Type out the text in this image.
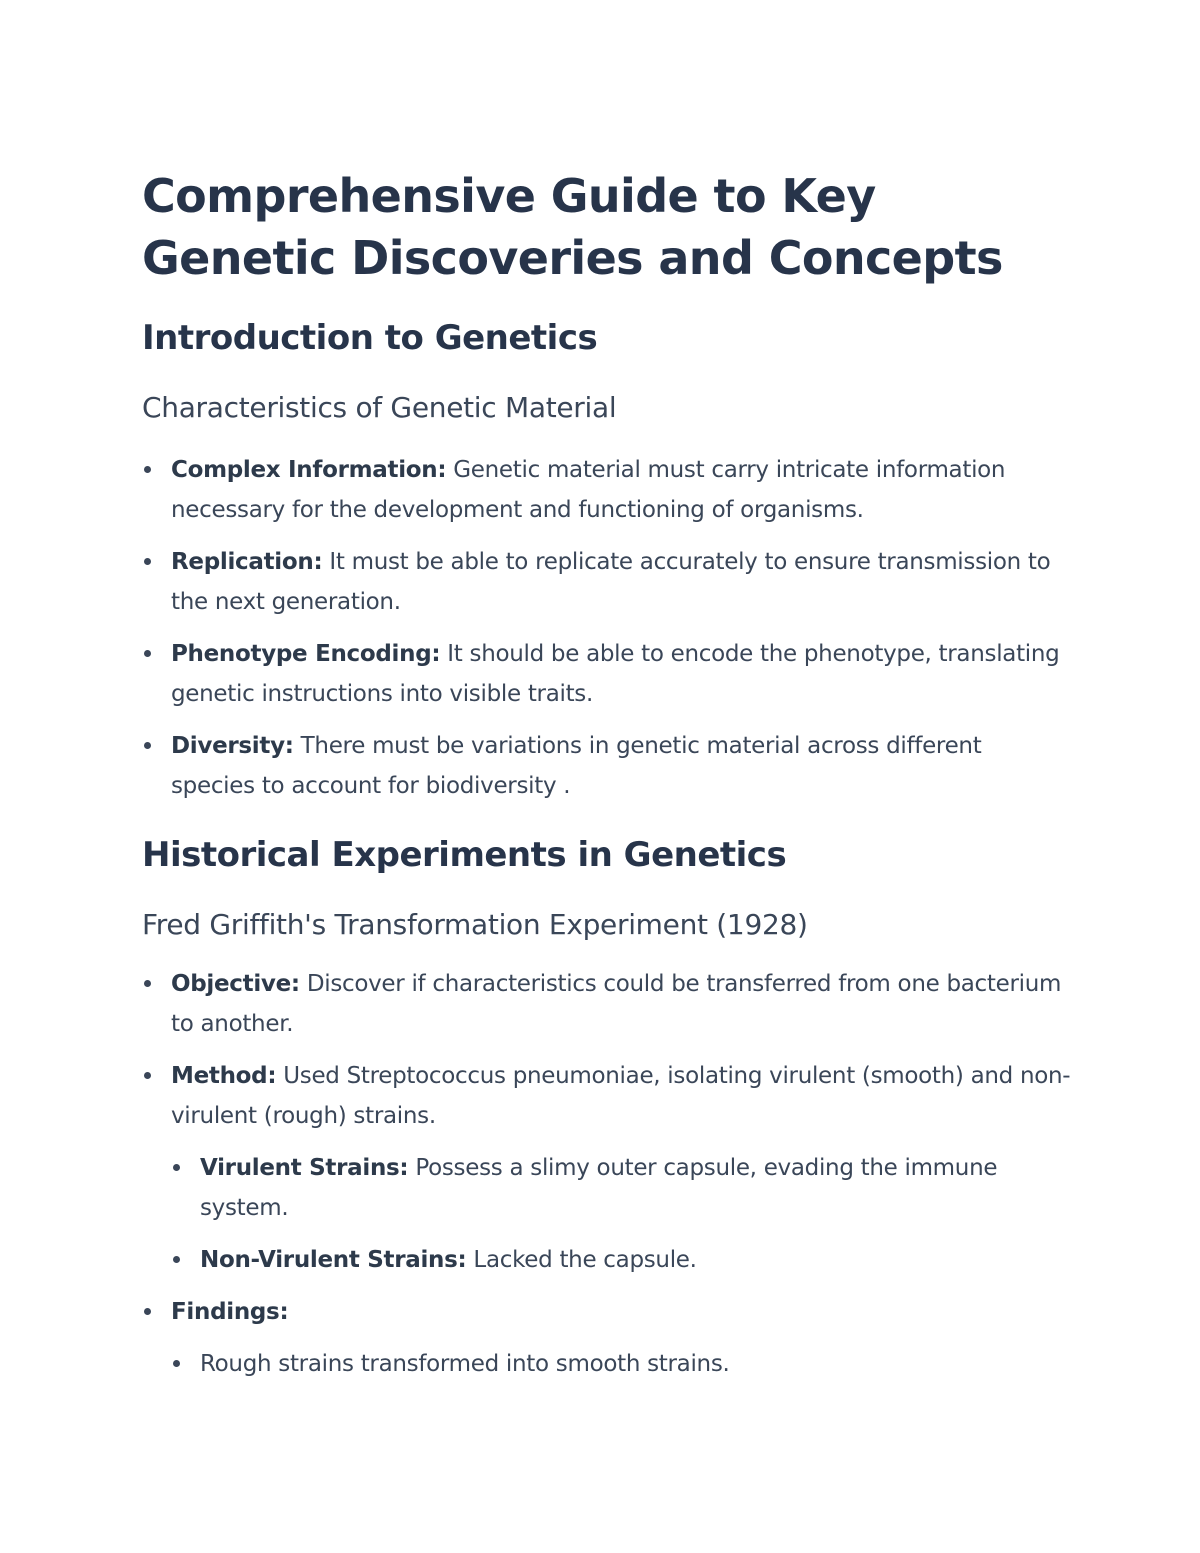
Comprehensive Guide to Key Genetic Discoveries and Concepts
Introduction to Genetics
Characteristics of Genetic Material
Complex Information: Genetic material must carry intricate information necessary for the development and functioning of organisms.
Replication: It must be able to replicate accurately to ensure transmission to the next generation.
Phenotype Encoding: It should be able to encode the phenotype, translating genetic instructions into visible traits.
Diversity: There must be variations in genetic material across different species to account for biodiversity .
Historical Experiments in Genetics
Fred Griffith's Transformation Experiment (1928)
Objective: Discover if characteristics could be transferred from one bacterium to another.
Method: Used Streptococcus pneumoniae, isolating virulent (smooth) and non-virulent (rough) strains.
Virulent Strains: Possess a slimy outer capsule, evading the immune system.
Non-Virulent Strains: Lacked the capsule.
Findings:
Rough strains transformed into smooth strains.
